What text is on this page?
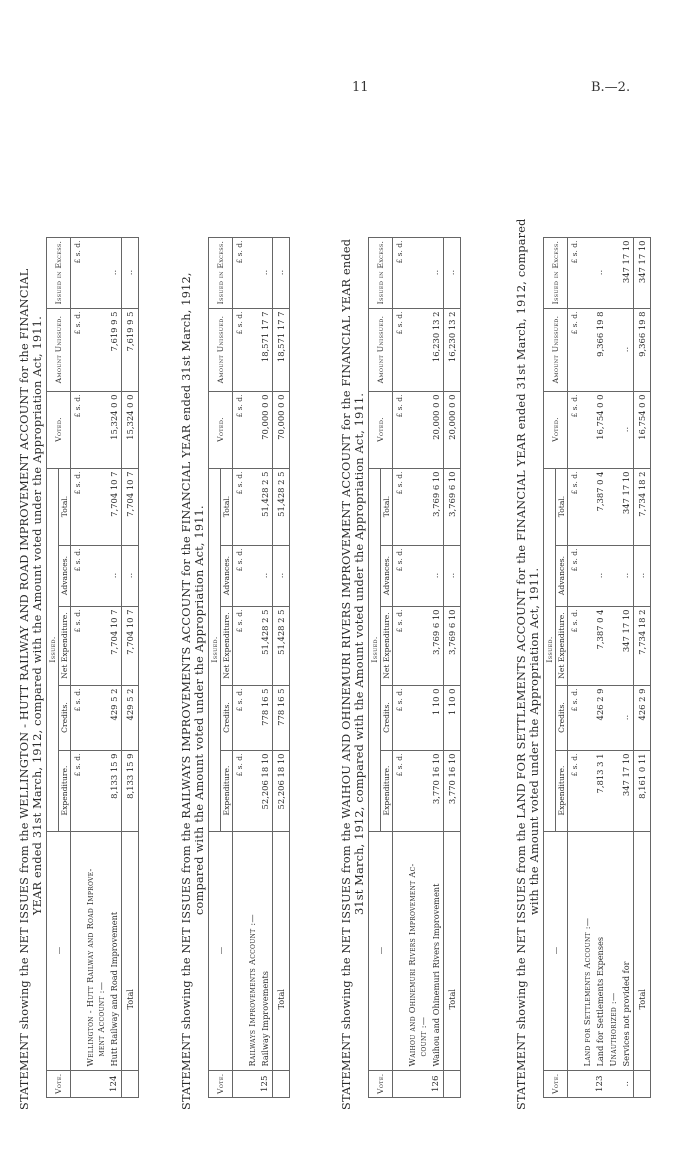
11	B.—2.
STATEMENT showing the NET ISSUES from the WELLINGTON - HUTT RAILWAY AND ROAD IMPROVEMENT ACCOUNT for the FINANCIAL YEAR ended 31st March, 1912, compared with the Amount voted under the Appropriation Act, 1911.
Vote.	—	Issued.					Voted.	Amount Unissued.	Issued in Excess.
		Expenditure.	Credits.	Net Expenditure.	Advances.	Total.			
		£ s. d.	£ s. d.	£ s. d.	£ s. d.	£ s. d.	£ s. d.	£ s. d.	£ s. d.
	Wellington - Hutt Railway and Road Improve-
ment Account :—								
124	Hutt Railway and Road Improvement	8,133 15 9	429 5 2	7,704 10 7	..	7,704 10 7	15,324 0 0	7,619 9 5	..
	Total	8,133 15 9	429 5 2	7,704 10 7	..	7,704 10 7	15,324 0 0	7,619 9 5	..	STATEMENT showing the NET ISSUES from the RAILWAYS IMPROVEMENTS ACCOUNT for the FINANCIAL YEAR ended 31st March, 1912, compared with the Amount voted under the Appropriation Act, 1911.
Vote.	—	Issued.					Voted.	Amount Unissued.	Issued in Excess.
		Expenditure.	Credits.	Net Expenditure.	Advances.	Total.			
		£ s. d.	£ s. d.	£ s. d.	£ s. d.	£ s. d.	£ s. d.	£ s. d.	£ s. d.
	Railways Improvements Account :—								
125	Railway Improvements	52,206 18 10	778 16 5	51,428 2 5	..	51,428 2 5	70,000 0 0	18,571 17 7	..
	Total	52,206 18 10	778 16 5	51,428 2 5	..	51,428 2 5	70,000 0 0	18,571 17 7	..	STATEMENT showing the NET ISSUES from the WAIHOU AND OHINEMURI RIVERS IMPROVEMENT ACCOUNT for the FINANCIAL YEAR ended 31st March, 1912, compared with the Amount voted under the Appropriation Act, 1911.
Vote.	—	Issued.					Voted.	Amount Unissued.	Issued in Excess.
		Expenditure.	Credits.	Net Expenditure.	Advances.	Total.			
		£ s. d.	£ s. d.	£ s. d.	£ s. d.	£ s. d.	£ s. d.	£ s. d.	£ s. d.
	Waihou and Ohinemuri Rivers Improvement Ac-
count :—								
126	Waihou and Ohinemuri Rivers Improvement	3,770 16 10	1 10 0	3,769 6 10	..	3,769 6 10	20,000 0 0	16,230 13 2	..
	Total	3,770 16 10	1 10 0	3,769 6 10	..	3,769 6 10	20,000 0 0	16,230 13 2	..	STATEMENT showing the NET ISSUES from the LAND FOR SETTLEMENTS ACCOUNT for the FINANCIAL YEAR ended 31st March, 1912, compared with the Amount voted under the Appropriation Act, 1911.
Vote.	—	Issued.					Voted.	Amount Unissued.	Issued in Excess.
		Expenditure.	Credits.	Net Expenditure.	Advances.	Total.			
		£ s. d.	£ s. d.	£ s. d.	£ s. d.	£ s. d.	£ s. d.	£ s. d.	£ s. d.
	Land for Settlements Account :—								
123	Land for Settlements Expenses	7,813 3 1	426 2 9	7,387 0 4	..	7,387 0 4	16,754 0 0	9,366 19 8	..
	Unauthorized :—								
..	Services not provided for	347 17 10	..	347 17 10	..	347 17 10	..	..	347 17 10
	Total	8,161 0 11	426 2 9	7,734 18 2	..	7,734 18 2	16,754 0 0	9,366 19 8	347 17 10
